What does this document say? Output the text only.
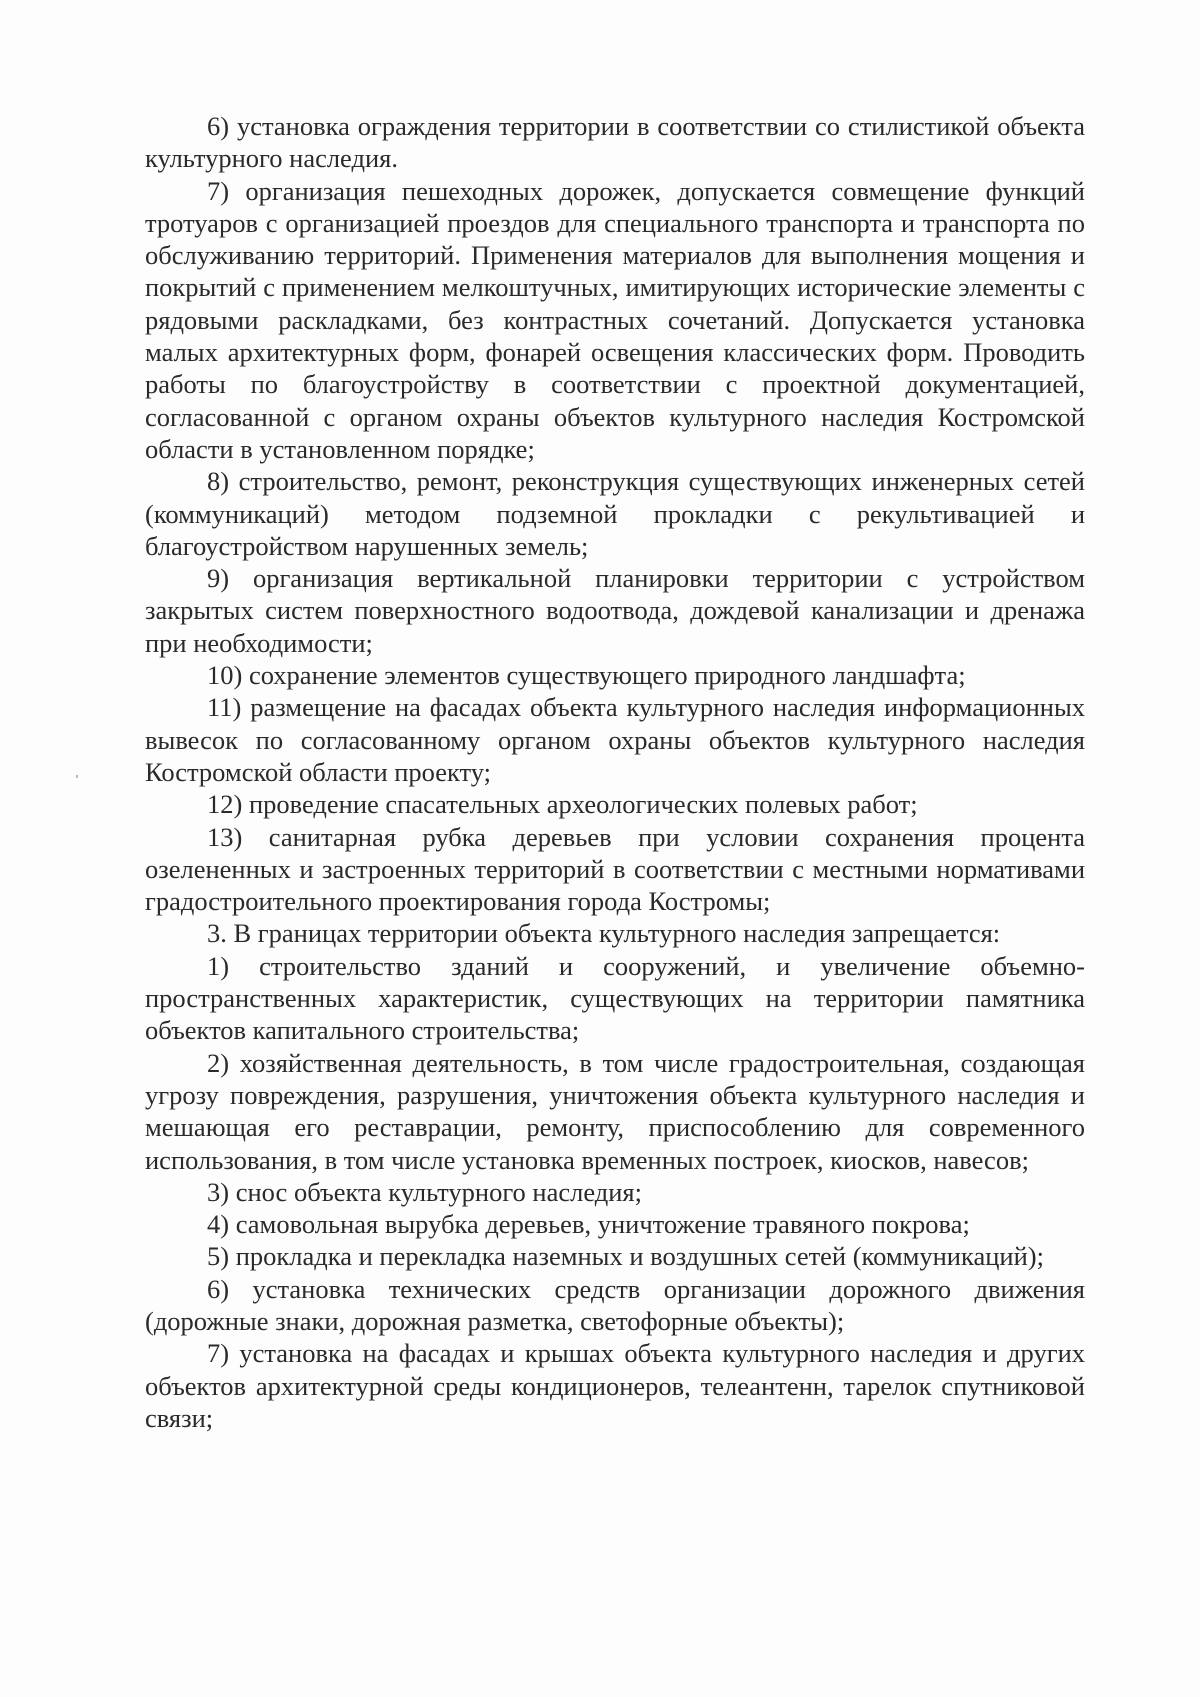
6) установка ограждения территории в соответствии со стилистикой объекта культурного наследия.

7) организация пешеходных дорожек, допускается совмещение функций тротуаров с организацией проездов для специального транспорта и транспорта по обслуживанию территорий. Применения материалов для выполнения мощения и покрытий с применением мелкоштучных, имитирующих исторические элементы с рядовыми раскладками, без контрастных сочетаний. Допускается установка малых архитектурных форм, фонарей освещения классических форм. Проводить работы по благоустройству в соответствии с проектной документацией, согласованной с органом охраны объектов культурного наследия Костромской области в установленном порядке;

8) строительство, ремонт, реконструкция существующих инженерных сетей (коммуникаций) методом подземной прокладки с рекультивацией и благоустройством нарушенных земель;

9) организация вертикальной планировки территории с устройством закрытых систем поверхностного водоотвода, дождевой канализации и дренажа при необходимости;

10) сохранение элементов существующего природного ландшафта;

11) размещение на фасадах объекта культурного наследия информационных вывесок по согласованному органом охраны объектов культурного наследия Костромской области проекту;

12) проведение спасательных археологических полевых работ;

13) санитарная рубка деревьев при условии сохранения процента озелененных и застроенных территорий в соответствии с местными нормативами градостроительного проектирования города Костромы;

3. В границах территории объекта культурного наследия запрещается:

1) строительство зданий и сооружений, и увеличение объемно-пространственных характеристик, существующих на территории памятника объектов капитального строительства;

2) хозяйственная деятельность, в том числе градостроительная, создающая угрозу повреждения, разрушения, уничтожения объекта культурного наследия и мешающая его реставрации, ремонту, приспособлению для современного использования, в том числе установка временных построек, киосков, навесов;

3) снос объекта культурного наследия;

4) самовольная вырубка деревьев, уничтожение травяного покрова;

5) прокладка и перекладка наземных и воздушных сетей (коммуникаций);

6) установка технических средств организации дорожного движения (дорожные знаки, дорожная разметка, светофорные объекты);

7) установка на фасадах и крышах объекта культурного наследия и других объектов архитектурной среды кондиционеров, телеантенн, тарелок спутниковой связи;
